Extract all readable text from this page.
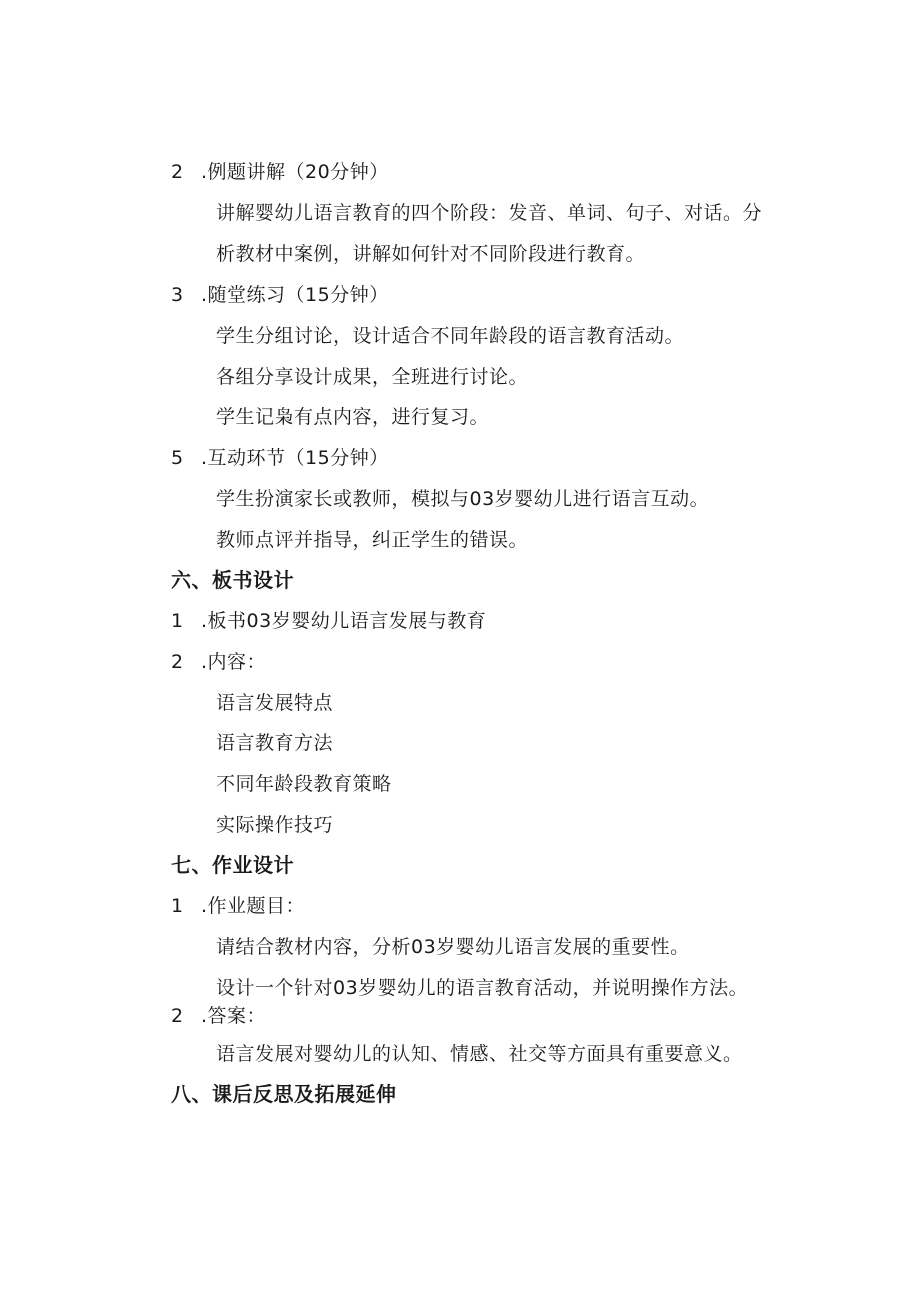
2 .例题讲解（20分钟）
讲解婴幼儿语言教育的四个阶段：发音、单词、句子、对话。分
析教材中案例，讲解如何针对不同阶段进行教育。
3 .随堂练习（15分钟）
学生分组讨论，设计适合不同年龄段的语言教育活动。
各组分享设计成果，全班进行讨论。
学生记枭有点内容，进行复习。
5 .互动环节（15分钟）
学生扮演家长或教师，模拟与03岁婴幼儿进行语言互动。
教师点评并指导，纠正学生的错误。
六、板书设计
1 .板书03岁婴幼儿语言发展与教育
2 .内容：
语言发展特点
语言教育方法
不同年龄段教育策略
实际操作技巧
七、作业设计
1 .作业题目：
请结合教材内容，分析03岁婴幼儿语言发展的重要性。
设计一个针对03岁婴幼儿的语言教育活动，并说明操作方法。
2 .答案：
语言发展对婴幼儿的认知、情感、社交等方面具有重要意义。
八、课后反思及拓展延伸
